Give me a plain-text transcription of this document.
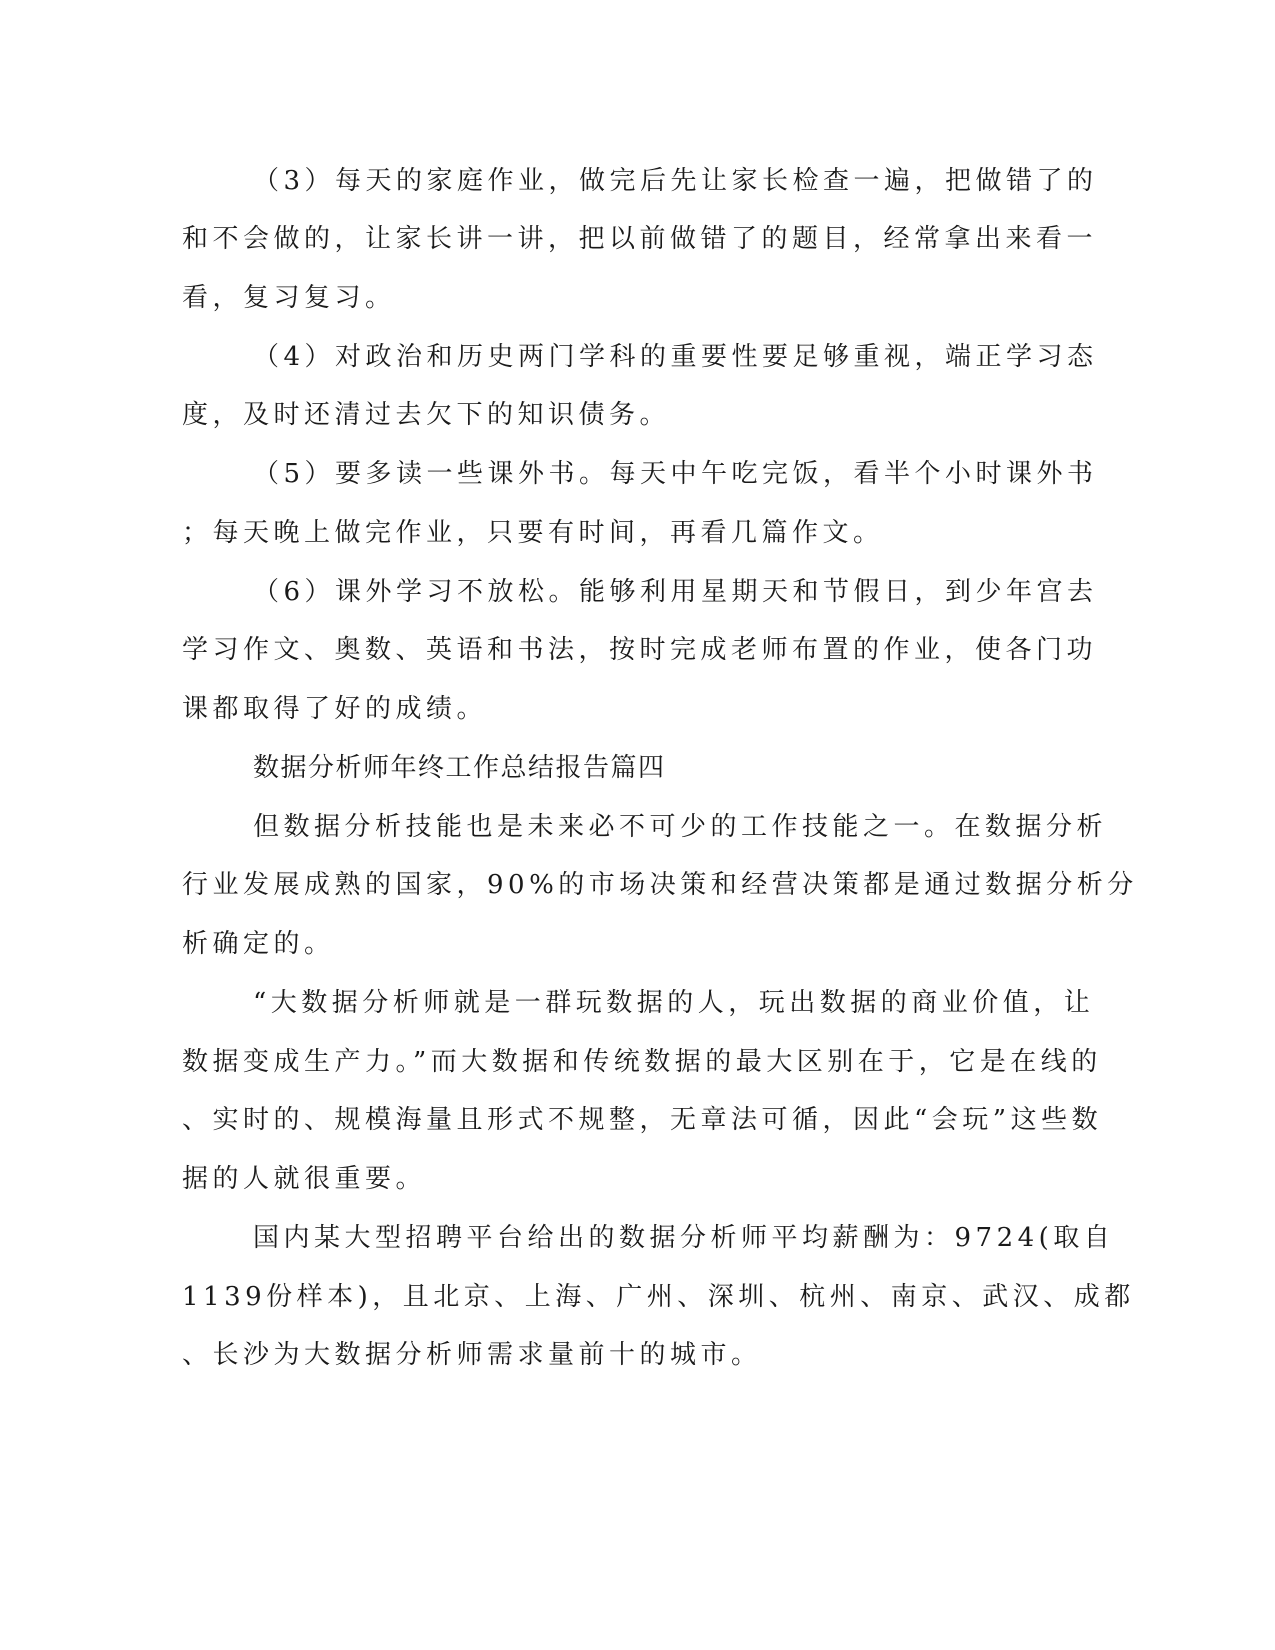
（3）每天的家庭作业，做完后先让家长检查一遍，把做错了的

和不会做的，让家长讲一讲，把以前做错了的题目，经常拿出来看一

看，复习复习。

（4）对政治和历史两门学科的重要性要足够重视，端正学习态

度，及时还清过去欠下的知识债务。

（5）要多读一些课外书。每天中午吃完饭，看半个小时课外书

；每天晚上做完作业，只要有时间，再看几篇作文。

（6）课外学习不放松。能够利用星期天和节假日，到少年宫去

学习作文、奥数、英语和书法，按时完成老师布置的作业，使各门功

课都取得了好的成绩。

数据分析师年终工作总结报告篇四

但数据分析技能也是未来必不可少的工作技能之一。在数据分析

行业发展成熟的国家，90%的市场决策和经营决策都是通过数据分析分

析确定的。

“大数据分析师就是一群玩数据的人，玩出数据的商业价值，让

数据变成生产力。”而大数据和传统数据的最大区别在于，它是在线的

、实时的、规模海量且形式不规整，无章法可循，因此“会玩”这些数

据的人就很重要。

国内某大型招聘平台给出的数据分析师平均薪酬为：9724(取自

1139份样本)，且北京、上海、广州、深圳、杭州、南京、武汉、成都

、长沙为大数据分析师需求量前十的城市。
